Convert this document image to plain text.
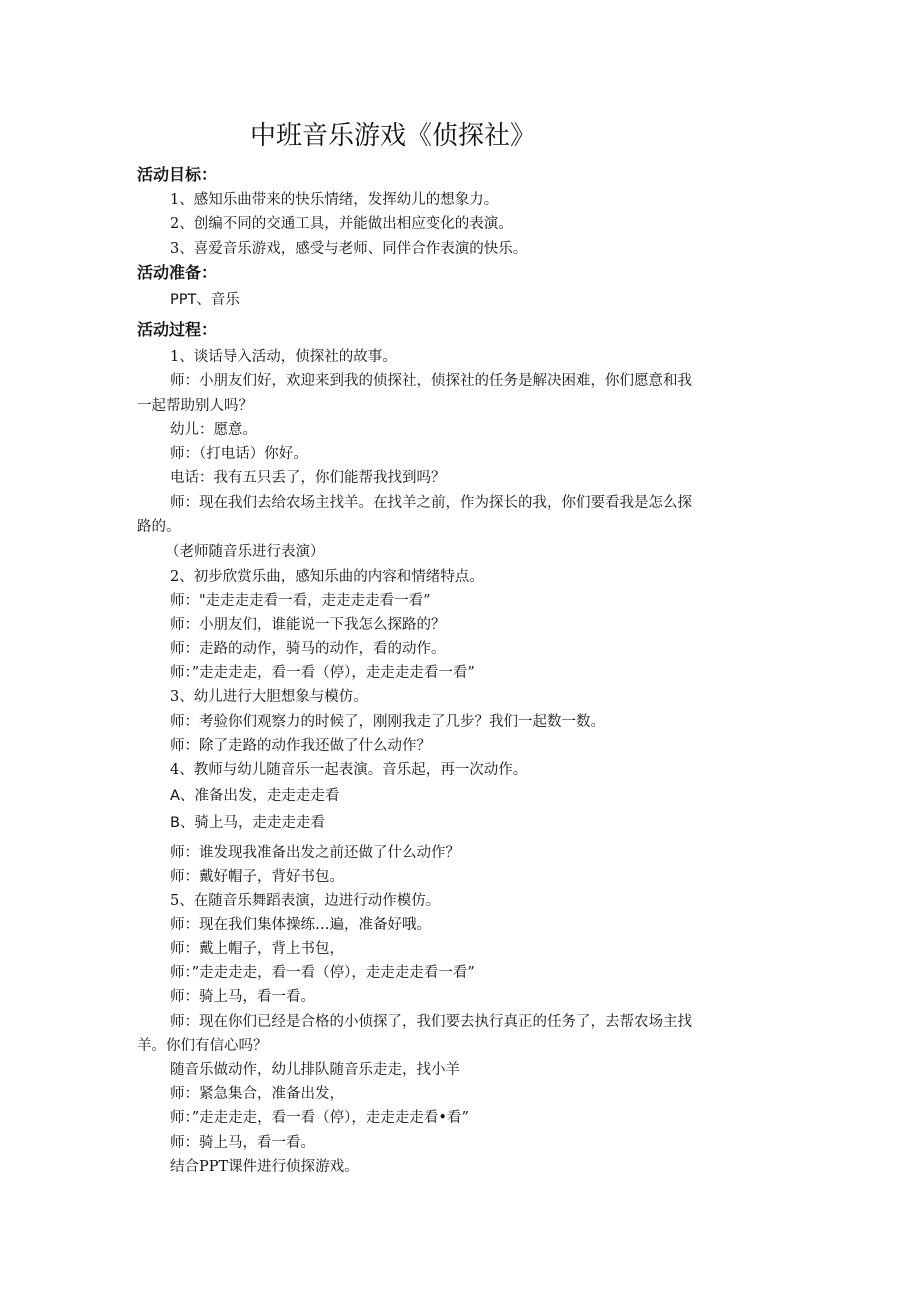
中班音乐游戏《侦探社》
活动目标：
1、感知乐曲带来的快乐情绪，发挥幼儿的想象力。
2、创编不同的交通工具，并能做出相应变化的表演。
3、喜爱音乐游戏，感受与老师、同伴合作表演的快乐。
活动准备：
PPT、音乐
活动过程：
1、谈话导入活动，侦探社的故事。
师：小朋友们好，欢迎来到我的侦探社，侦探社的任务是解决困难，你们愿意和我
一起帮助别人吗？
幼儿：愿意。
师：（打电话）你好。
电话：我有五只丢了，你们能帮我找到吗？
师：现在我们去给农场主找羊。在找羊之前，作为探长的我，你们要看我是怎么探
路的。
（老师随音乐进行表演）
2、初步欣赏乐曲，感知乐曲的内容和情绪特点。
师："走走走走看一看，走走走走看一看”
师：小朋友们，谁能说一下我怎么探路的？
师：走路的动作，骑马的动作，看的动作。
师：”走走走走，看一看（停），走走走走看一看”
3、幼儿进行大胆想象与模仿。
师：考验你们观察力的时候了，刚刚我走了几步？我们一起数一数。
师：除了走路的动作我还做了什么动作？
4、教师与幼儿随音乐一起表演。音乐起，再一次动作。
A、准备出发，走走走走看
B、骑上马，走走走走看
师：谁发现我准备出发之前还做了什么动作？
师：戴好帽子，背好书包。
5、在随音乐舞蹈表演，边进行动作模仿。
师：现在我们集体操练…遍，准备好哦。
师：戴上帽子，背上书包，
师：”走走走走，看一看（停），走走走走看一看”
师：骑上马，看一看。
师：现在你们已经是合格的小侦探了，我们要去执行真正的任务了，去帮农场主找
羊。你们有信心吗？
随音乐做动作，幼儿排队随音乐走走，找小羊
师：紧急集合，准备出发，
师：”走走走走，看一看（停），走走走走看•看”
师：骑上马，看一看。
结合PPT课件进行侦探游戏。
